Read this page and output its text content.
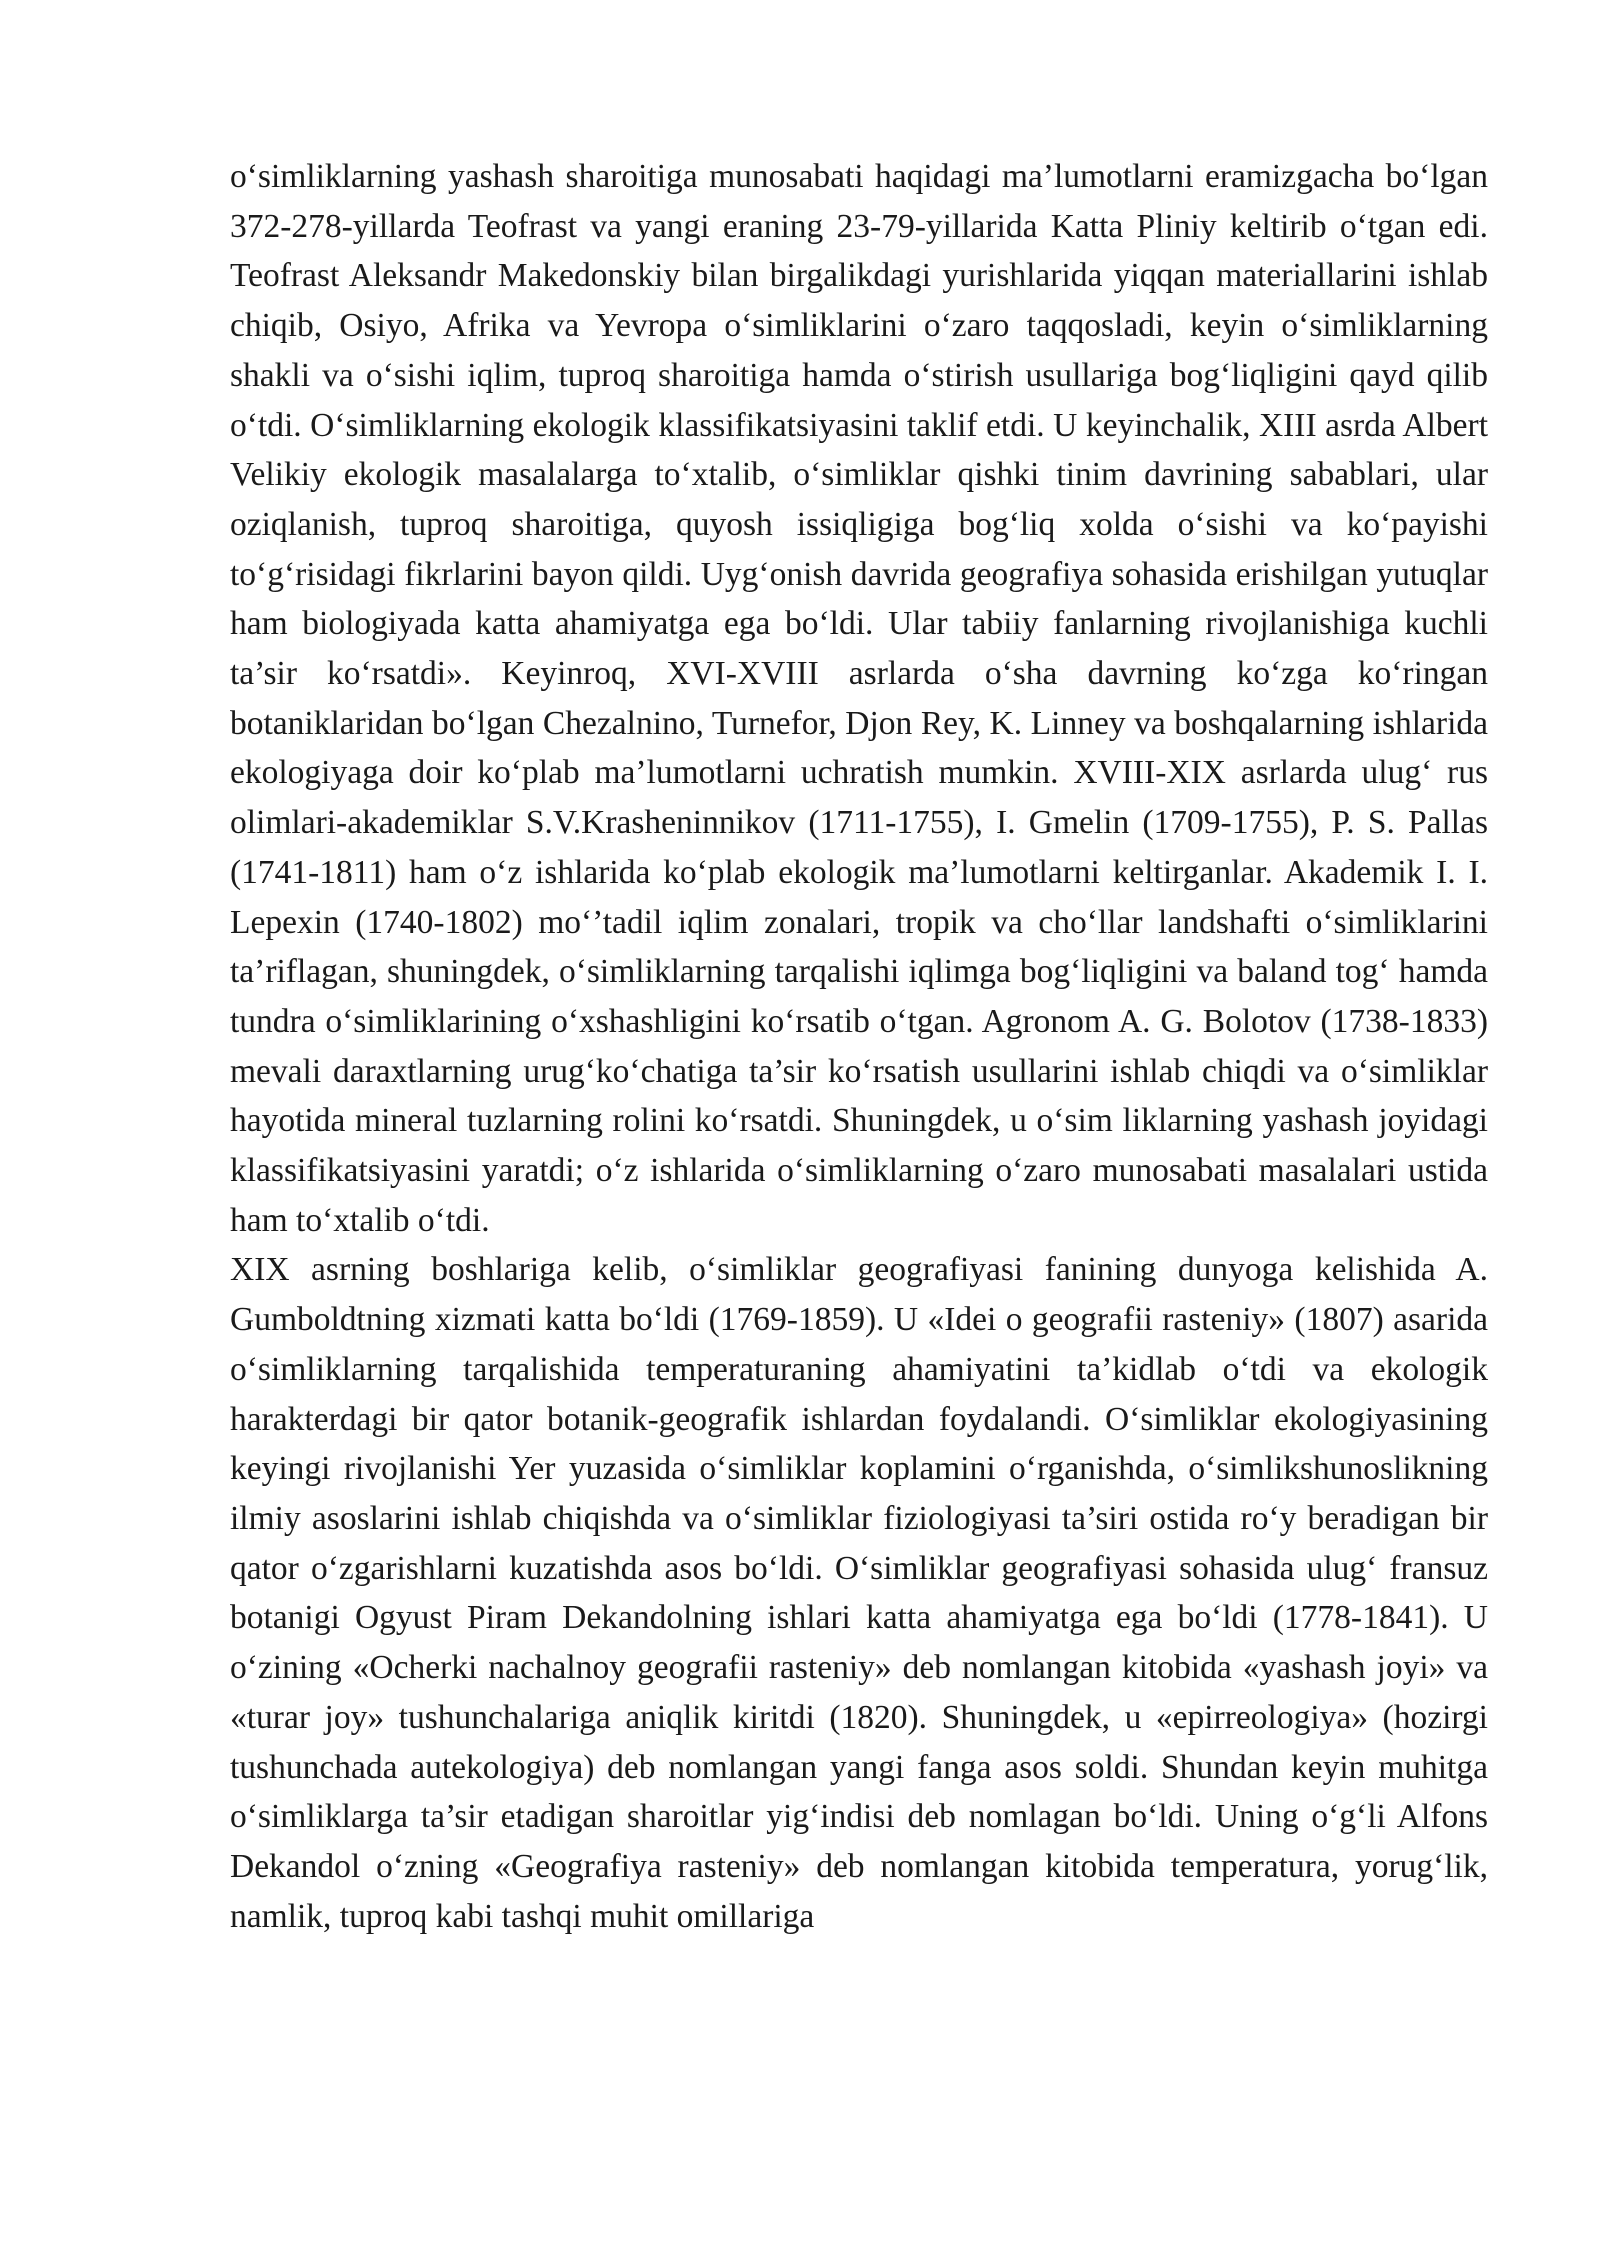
o‘simliklarning yashash sharoitiga munosabati haqidagi ma’lumotlarni eramizgacha bo‘lgan 372-278-yillarda Teofrast va yangi eraning 23-79-yillarida Katta Pliniy keltirib o‘tgan edi. Teofrast Aleksandr Makedonskiy bilan birgalikdagi yurishlarida yiqqan materiallarini ishlab chiqib, Osiyo, Afrika va Yevropa o‘simliklarini o‘zaro taqqosladi, keyin o‘simliklarning shakli va o‘sishi iqlim, tuproq sharoitiga hamda o‘stirish usullariga bog‘liqligini qayd qilib o‘tdi. O‘simliklarning ekologik klassifikatsiyasini taklif etdi. U keyinchalik, XIII asrda Albert Velikiy ekologik masalalarga to‘xtalib, o‘simliklar qishki tinim davrining sabablari, ular oziqlanish, tuproq sharoitiga, quyosh issiqligiga bog‘liq xolda o‘sishi va ko‘payishi to‘g‘risidagi fikrlarini bayon qildi. Uyg‘onish davrida geografiya sohasida erishilgan yutuqlar ham biologiyada katta ahamiyatga ega bo‘ldi. Ular tabiiy fanlarning rivojlanishiga kuchli ta’sir ko‘rsatdi». Keyinroq, XVI-XVIII asrlarda o‘sha davrning ko‘zga ko‘ringan botaniklaridan bo‘lgan Chezalnino, Turnefor, Djon Rey, K. Linney va boshqalarning ishlarida ekologiyaga doir ko‘plab ma’lumotlarni uchratish mumkin. XVIII-XIX asrlarda ulug‘ rus olimlari-akademiklar S.V.Krasheninnikov (1711-1755), I. Gmelin (1709-1755), P. S. Pallas (1741-1811) ham o‘z ishlarida ko‘plab ekologik ma’lumotlarni keltirganlar. Akademik I. I. Lepexin (1740-1802) mo‘’tadil iqlim zonalari, tropik va cho‘llar landshafti o‘simliklarini ta’riflagan, shuningdek, o‘simliklarning tarqalishi iqlimga bog‘liqligini va baland tog‘ hamda tundra o‘simliklarining o‘xshashligini ko‘rsatib o‘tgan. Agronom A. G. Bolotov (1738-1833) mevali daraxtlarning urug‘ko‘chatiga ta’sir ko‘rsatish usullarini ishlab chiqdi va o‘simliklar hayotida mineral tuzlarning rolini ko‘rsatdi. Shuningdek, u o‘sim liklarning yashash joyidagi klassifikatsiyasini yaratdi; o‘z ishlarida o‘simliklarning o‘zaro munosabati masalalari ustida ham to‘xtalib o‘tdi.

XIX asrning boshlariga kelib, o‘simliklar geografiyasi fanining dunyoga kelishida A. Gumboldtning xizmati katta bo‘ldi (1769-1859). U «Idei o geografii rasteniy» (1807) asarida o‘simliklarning tarqalishida temperaturaning ahamiyatini ta’kidlab o‘tdi va ekologik harakterdagi bir qator botanik-geografik ishlardan foydalandi. O‘simliklar ekologiyasining keyingi rivojlanishi Yer yuzasida o‘simliklar koplamini o‘rganishda, o‘simlikshunoslikning ilmiy asoslarini ishlab chiqishda va o‘simliklar fiziologiyasi ta’siri ostida ro‘y beradigan bir qator o‘zgarishlarni kuzatishda asos bo‘ldi. O‘simliklar geografiyasi sohasida ulug‘ fransuz botanigi Ogyust Piram Dekandolning ishlari katta ahamiyatga ega bo‘ldi (1778-1841). U o‘zining «Ocherki nachalnoy geografii rasteniy» deb nomlangan kitobida «yashash joyi» va «turar joy» tushunchalariga aniqlik kiritdi (1820). Shuningdek, u «epirreologiya» (hozirgi tushunchada autekologiya) deb nomlangan yangi fanga asos soldi. Shundan keyin muhitga o‘simliklarga ta’sir etadigan sharoitlar yig‘indisi deb nomlagan bo‘ldi. Uning o‘g‘li Alfons Dekandol o‘zning «Geografiya rasteniy» deb nomlangan kitobida temperatura, yorug‘lik, namlik, tuproq kabi tashqi muhit omillariga
